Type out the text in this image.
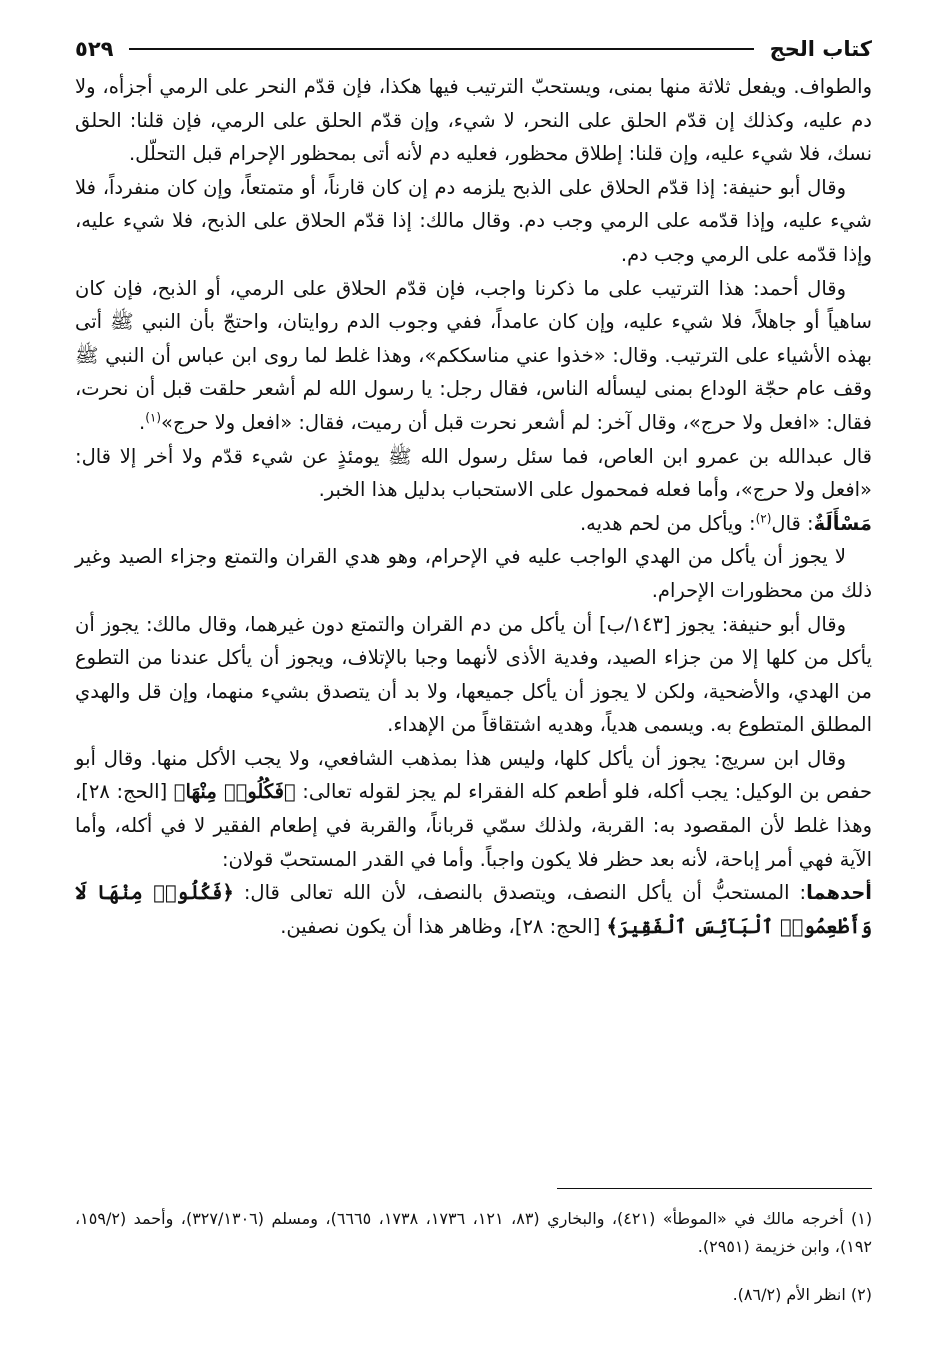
كتاب الحج
٥٢٩

والطواف. ويفعل ثلاثة منها بمنى، ويستحبّ الترتيب فيها هكذا، فإن قدّم النحر على الرمي أجزأه، ولا دم عليه، وكذلك إن قدّم الحلق على النحر، لا شيء، وإن قدّم الحلق على الرمي، فإن قلنا: الحلق نسك، فلا شيء عليه، وإن قلنا: إطلاق محظور، فعليه دم لأنه أتى بمحظور الإحرام قبل التحلّل.

وقال أبو حنيفة: إذا قدّم الحلاق على الذبح يلزمه دم إن كان قارناً، أو متمتعاً، وإن كان منفرداً، فلا شيء عليه، وإذا قدّمه على الرمي وجب دم. وقال مالك: إذا قدّم الحلاق على الذبح، فلا شيء عليه، وإذا قدّمه على الرمي وجب دم.

وقال أحمد: هذا الترتيب على ما ذكرنا واجب، فإن قدّم الحلاق على الرمي، أو الذبح، فإن كان ساهياً أو جاهلاً، فلا شيء عليه، وإن كان عامداً، ففي وجوب الدم روايتان، واحتجّ بأن النبي ﷺ أتى بهذه الأشياء على الترتيب. وقال: «خذوا عني مناسككم»، وهذا غلط لما روى ابن عباس أن النبي ﷺ وقف عام حجّة الوداع بمنى ليسأله الناس، فقال رجل: يا رسول الله لم أشعر حلقت قبل أن نحرت، فقال: «افعل ولا حرج»، وقال آخر: لم أشعر نحرت قبل أن رميت، فقال: «افعل ولا حرج»$^{(١)}$.

قال عبدالله بن عمرو ابن العاص، فما سئل رسول الله ﷺ يومئذٍ عن شيء قدّم ولا أخر إلا قال: «افعل ولا حرج»، وأما فعله فمحمول على الاستحباب بدليل هذا الخبر.

مَسْأَلَةٌ: قال$^{(٢)}$: ويأكل من لحم هديه.

لا يجوز أن يأكل من الهدي الواجب عليه في الإحرام، وهو هدي القران والتمتع وجزاء الصيد وغير ذلك من محظورات الإحرام.

وقال أبو حنيفة: يجوز [١٤٣/ب] أن يأكل من دم القران والتمتع دون غيرهما، وقال مالك: يجوز أن يأكل من كلها إلا من جزاء الصيد، وفدية الأذى لأنهما وجبا بالإتلاف، ويجوز أن يأكل عندنا من التطوع من الهدي، والأضحية، ولكن لا يجوز أن يأكل جميعها، ولا بد أن يتصدق بشيء منهما، وإن قل والهدي المطلق المتطوع به. ويسمى هدياً، وهديه اشتقاقاً من الإهداء.

وقال ابن سريج: يجوز أن يأكل كلها، وليس هذا بمذهب الشافعي، ولا يجب الأكل منها. وقال أبو حفص بن الوكيل: يجب أكله، فلو أطعم كله الفقراء لم يجز لقوله تعالى: ﴿فَكُلُوا۟ مِنْهَا﴾ [الحج: ٢٨]، وهذا غلط لأن المقصود به: القربة، ولذلك سمّي قرباناً، والقربة في إطعام الفقير لا في أكله، وأما الآية فهي أمر إباحة، لأنه بعد حظر فلا يكون واجباً. وأما في القدر المستحبّ قولان:

أحدهما: المستحبُّ أن يأكل النصف، ويتصدق بالنصف، لأن الله تعالى قال: ﴿فَكُلُوا۟ مِنْهَا لَا وَأَطْعِمُوا۟ ٱلْبَآئِسَ ٱلْفَقِيرَ﴾ [الحج: ٢٨]، وظاهر هذا أن يكون نصفين.

(١) أخرجه مالك في «الموطأ» (٤٢١)، والبخاري (٨٣، ١٢١، ١٧٣٦، ١٧٣٨، ٦٦٦٥)، ومسلم (٣٢٧/١٣٠٦)، وأحمد (١٥٩/٢، ١٩٢)، وابن خزيمة (٢٩٥١).

(٢) انظر الأم (٨٦/٢).
